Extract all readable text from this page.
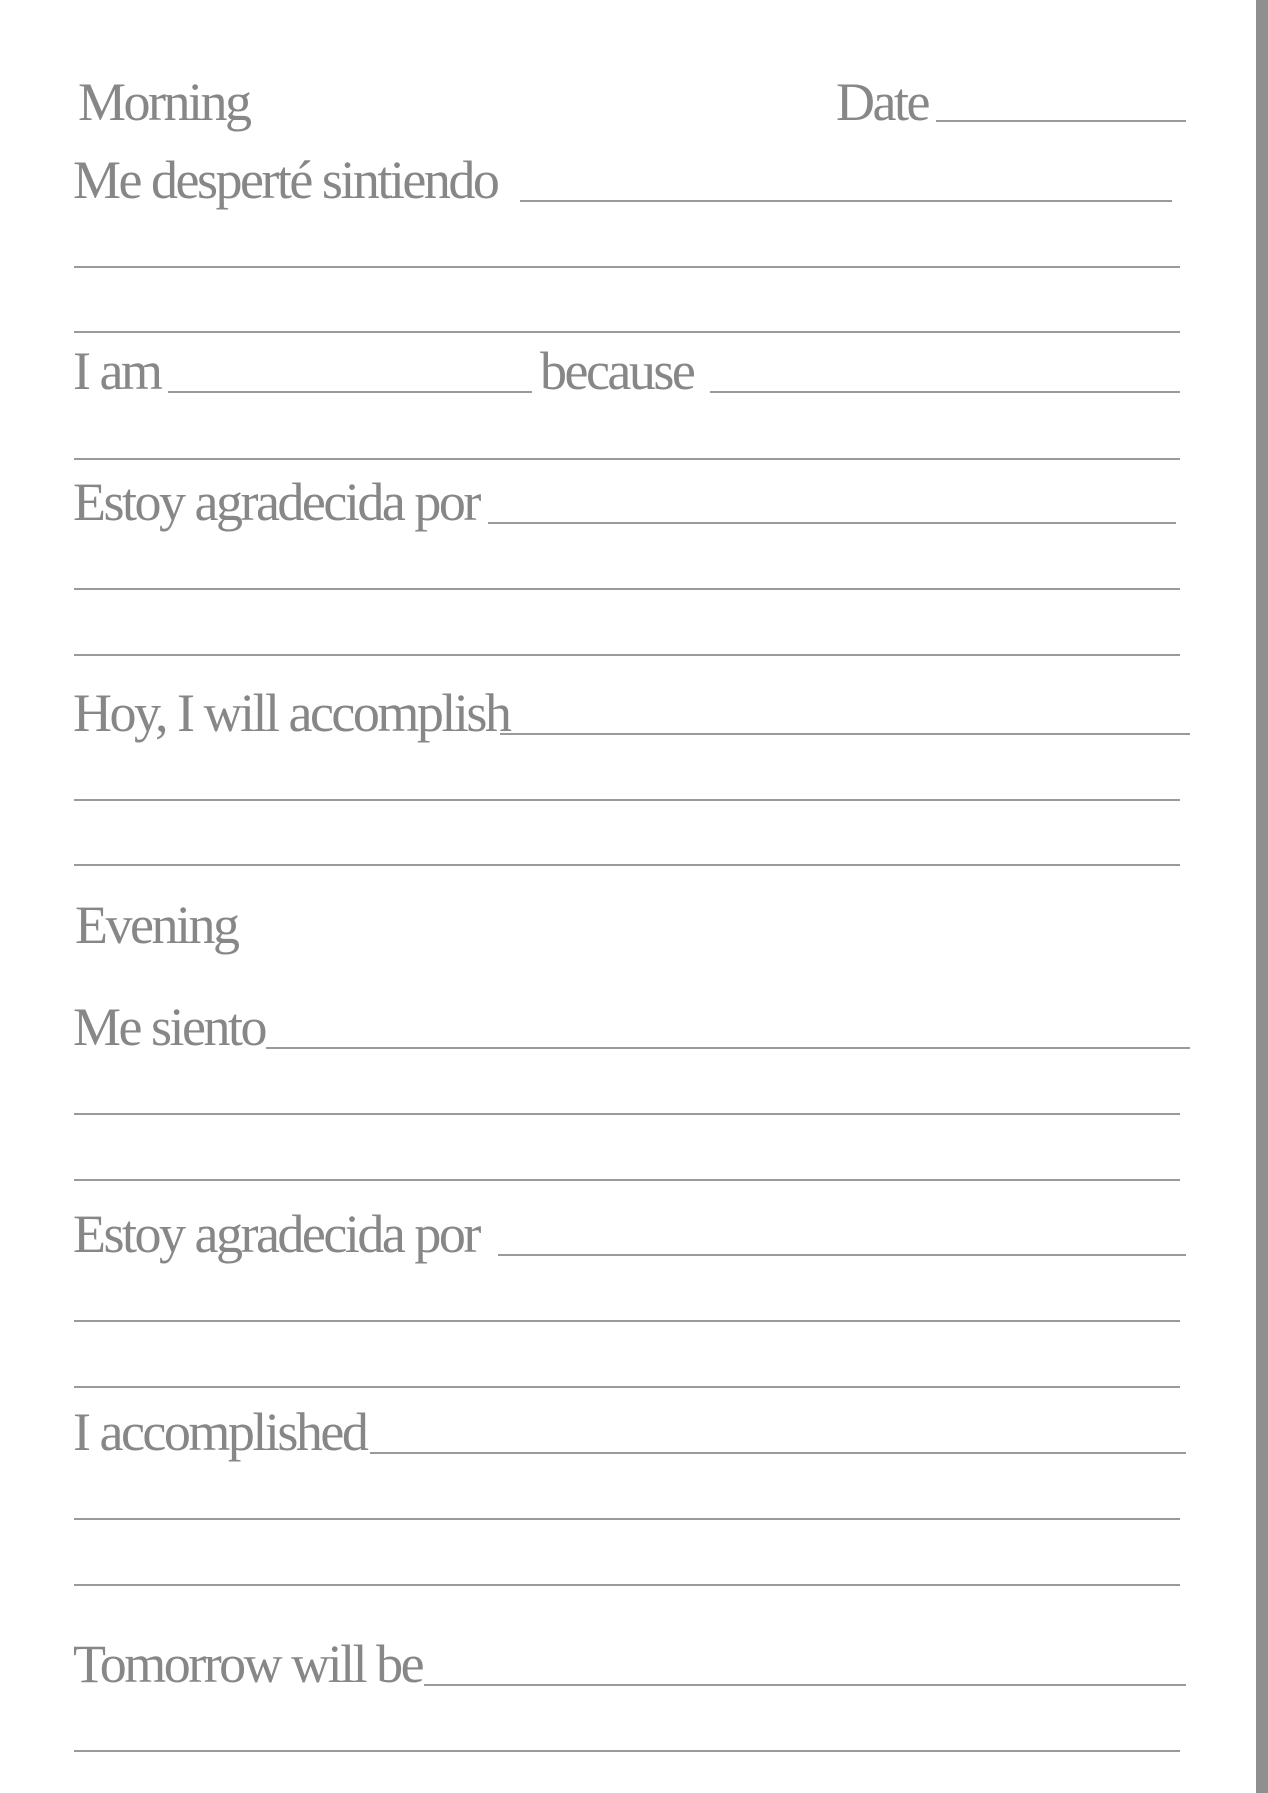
Morning	Date
Me desperté sintiendo
I am	because
Estoy agradecida por
Hoy, I will accomplish
Evening
Me siento
Estoy agradecida por
I accomplished
Tomorrow will be
